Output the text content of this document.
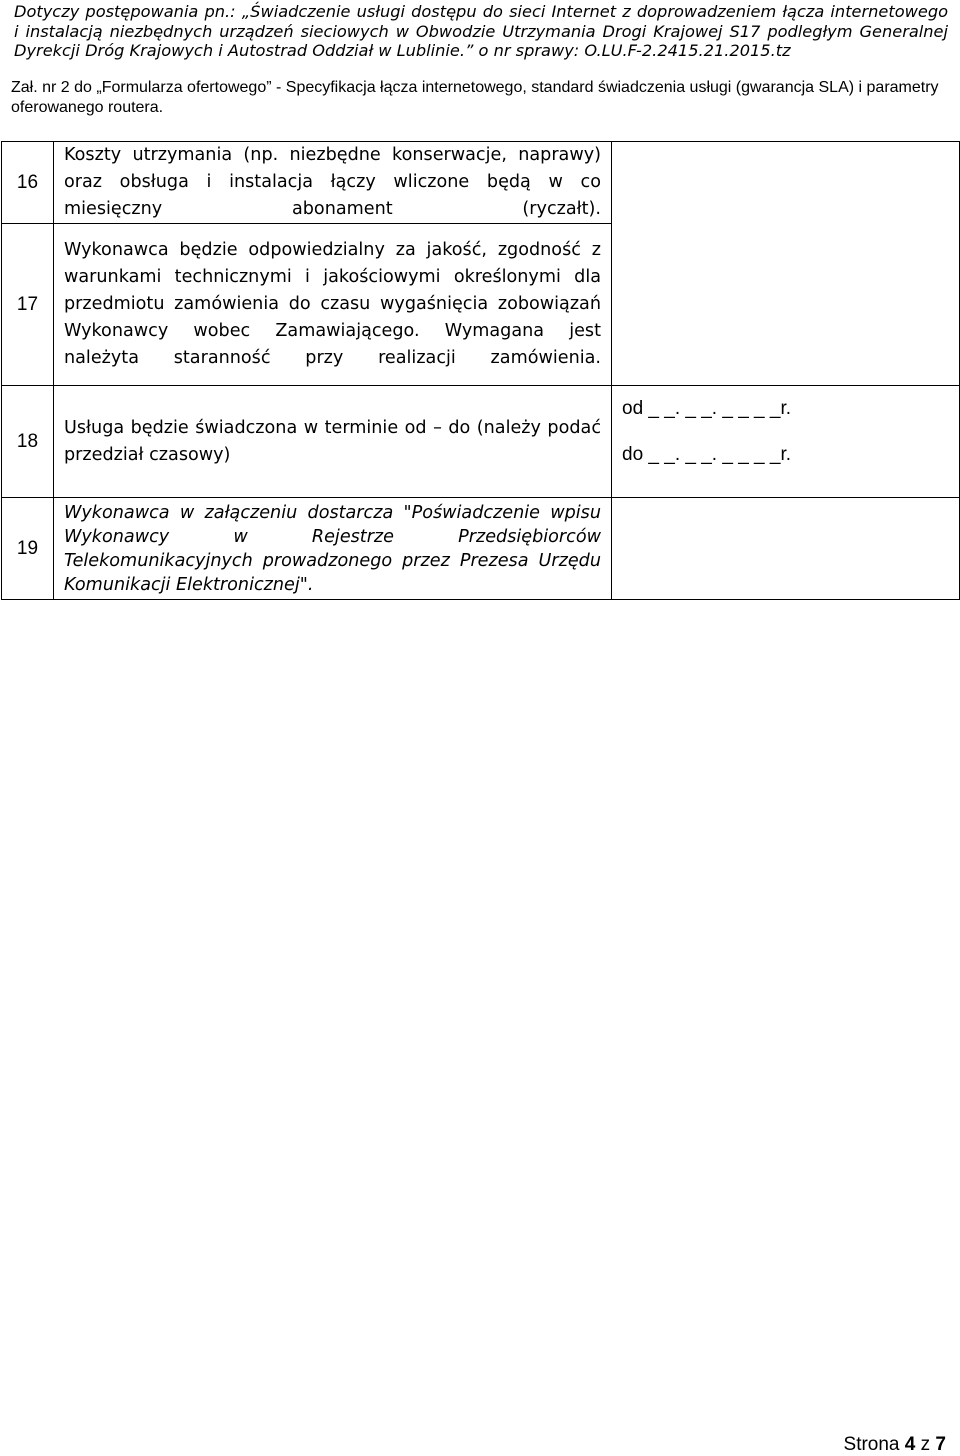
Dotyczy postępowania pn.: „Świadczenie usługi dostępu do sieci Internet z doprowadzeniem łącza internetowego
i instalacją niezbędnych urządzeń sieciowych w Obwodzie Utrzymania Drogi Krajowej S17 podległym Generalnej
Dyrekcji Dróg Krajowych i Autostrad Oddział w Lublinie.” o nr sprawy: O.LU.F-2.2415.21.2015.tz
Zał. nr 2 do „Formularza ofertowego” - Specyfikacja łącza internetowego, standard świadczenia usługi (gwarancja SLA) i parametry oferowanego routera.
16	Koszty utrzymania (np. niezbędne konserwacje, naprawy) oraz obsługa i instalacja łączy wliczone będą w co miesięczny abonament (ryczałt).	
17	Wykonawca będzie odpowiedzialny za jakość, zgodność z warunkami technicznymi i jakościowymi określonymi dla przedmiotu zamówienia do czasu wygaśnięcia zobowiązań Wykonawcy wobec Zamawiającego. Wymagana jest należyta staranność przy realizacji zamówienia.	
18	Usługa będzie świadczona w terminie od – do (należy podać przedział czasowy)	od _ _. _ _. _ _ _ _r.
do _ _. _ _. _ _ _ _r.

19	Wykonawca w załączeniu dostarcza "Poświadczenie wpisu Wykonawcy w Rejestrze Przedsiębiorców Telekomunikacyjnych prowadzonego przez Prezesa Urzędu Komunikacji Elektronicznej".	
Strona 4 z 7
